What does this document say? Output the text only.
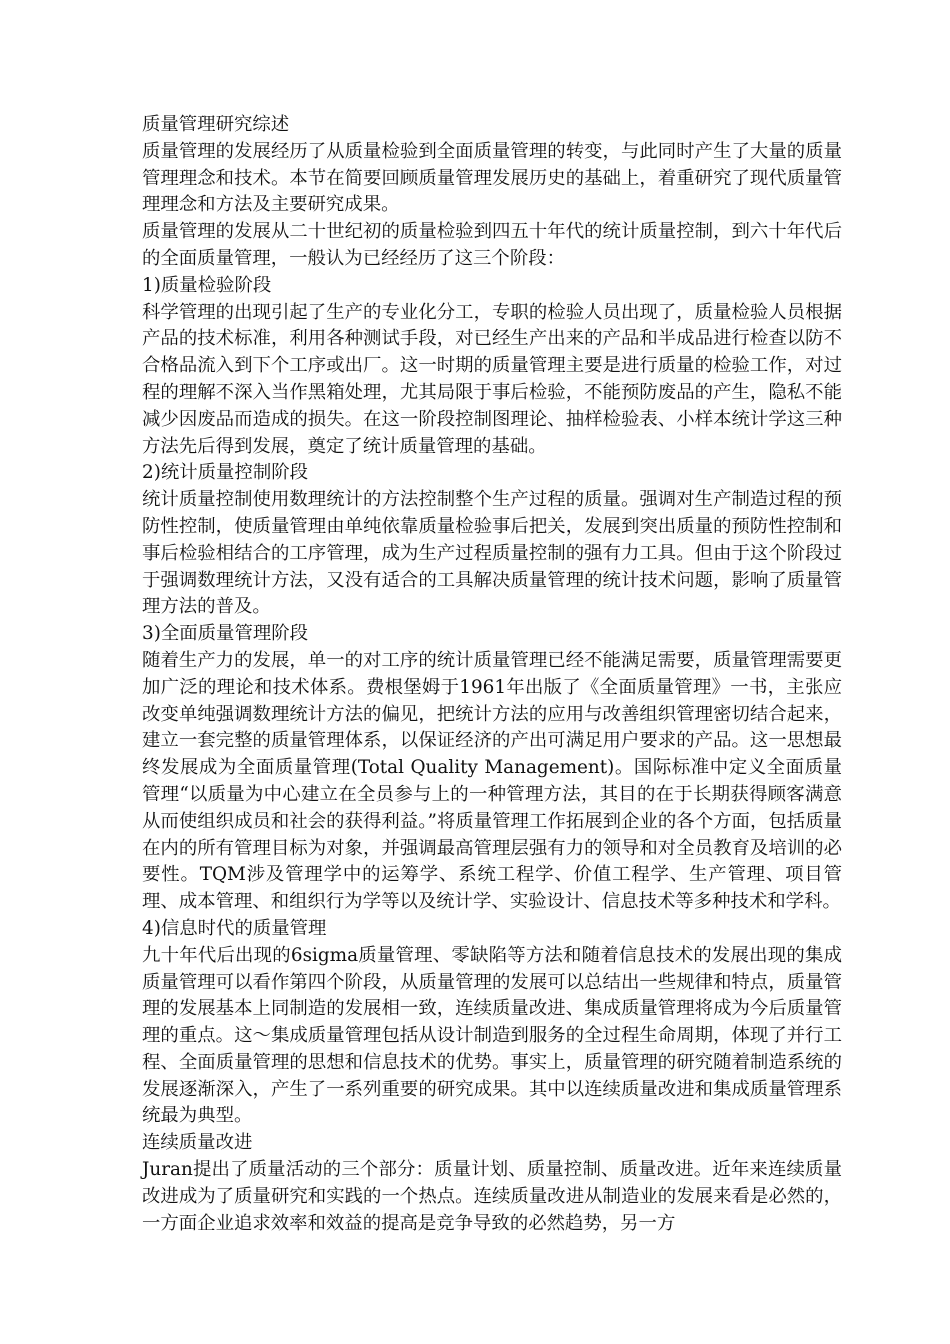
质量管理研究综述

质量管理的发展经历了从质量检验到全面质量管理的转变，与此同时产生了大量的质量管理理念和技术。本节在简要回顾质量管理发展历史的基础上，着重研究了现代质量管理理念和方法及主要研究成果。

质量管理的发展从二十世纪初的质量检验到四五十年代的统计质量控制，到六十年代后的全面质量管理，一般认为已经经历了这三个阶段：

1)质量检验阶段

科学管理的出现引起了生产的专业化分工，专职的检验人员出现了，质量检验人员根据产品的技术标准，利用各种测试手段，对已经生产出来的产品和半成品进行检查以防不合格品流入到下个工序或出厂。这一时期的质量管理主要是进行质量的检验工作，对过程的理解不深入当作黑箱处理，尤其局限于事后检验，不能预防废品的产生，隐私不能减少因废品而造成的损失。在这一阶段控制图理论、抽样检验表、小样本统计学这三种方法先后得到发展，奠定了统计质量管理的基础。

2)统计质量控制阶段

统计质量控制使用数理统计的方法控制整个生产过程的质量。强调对生产制造过程的预防性控制，使质量管理由单纯依靠质量检验事后把关，发展到突出质量的预防性控制和事后检验相结合的工序管理，成为生产过程质量控制的强有力工具。但由于这个阶段过于强调数理统计方法，又没有适合的工具解决质量管理的统计技术问题，影响了质量管理方法的普及。

3)全面质量管理阶段

随着生产力的发展，单一的对工序的统计质量管理已经不能满足需要，质量管理需要更加广泛的理论和技术体系。费根堡姆于1961年出版了《全面质量管理》一书，主张应改变单纯强调数理统计方法的偏见，把统计方法的应用与改善组织管理密切结合起来，建立一套完整的质量管理体系，以保证经济的产出可满足用户要求的产品。这一思想最终发展成为全面质量管理(Total Quality Management)。国际标准中定义全面质量管理“以质量为中心建立在全员参与上的一种管理方法，其目的在于长期获得顾客满意从而使组织成员和社会的获得利益。”将质量管理工作拓展到企业的各个方面，包括质量在内的所有管理目标为对象，并强调最高管理层强有力的领导和对全员教育及培训的必要性。TQM涉及管理学中的运筹学、系统工程学、价值工程学、生产管理、项目管理、成本管理、和组织行为学等以及统计学、实验设计、信息技术等多种技术和学科。

4)信息时代的质量管理

九十年代后出现的6sigma质量管理、零缺陷等方法和随着信息技术的发展出现的集成质量管理可以看作第四个阶段，从质量管理的发展可以总结出一些规律和特点，质量管理的发展基本上同制造的发展相一致，连续质量改进、集成质量管理将成为今后质量管理的重点。这～集成质量管理包括从设计制造到服务的全过程生命周期，体现了并行工程、全面质量管理的思想和信息技术的优势。事实上，质量管理的研究随着制造系统的发展逐渐深入，产生了一系列重要的研究成果。其中以连续质量改进和集成质量管理系统最为典型。

连续质量改进

Juran提出了质量活动的三个部分：质量计划、质量控制、质量改进。近年来连续质量改进成为了质量研究和实践的一个热点。连续质量改进从制造业的发展来看是必然的，一方面企业追求效率和效益的提高是竞争导致的必然趋势，另一方
